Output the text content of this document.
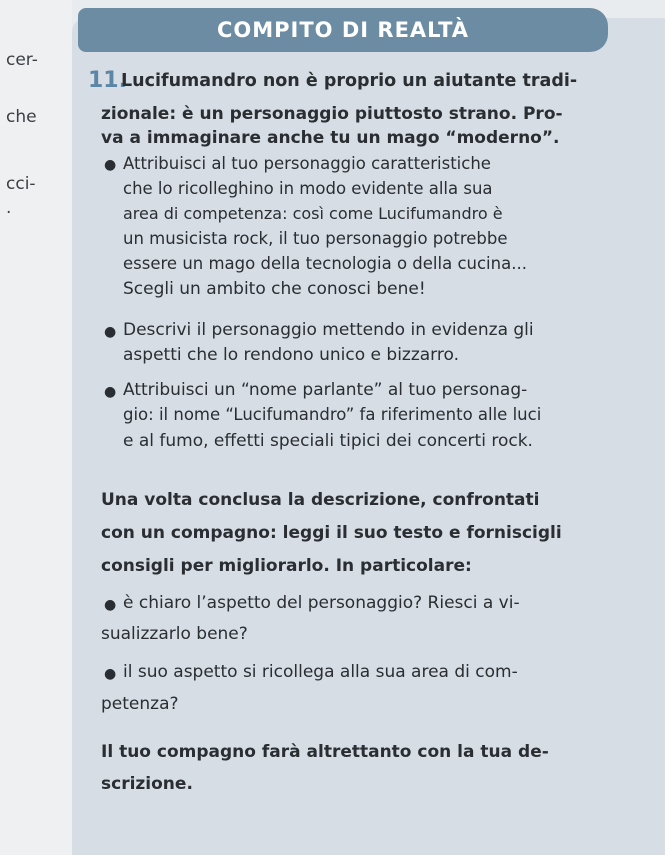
COMPITO DI REALTÀ
cer-
che
cci-
.
11.
Lucifumandro non è proprio un aiutante tradi-
zionale: è un personaggio piuttosto strano. Pro-
va a immaginare anche tu un mago “moderno”.
● Attribuisci al tuo personaggio caratteristiche
che lo ricolleghino in modo evidente alla sua
area di competenza: così come Lucifumandro è
un musicista rock, il tuo personaggio potrebbe
essere un mago della tecnologia o della cucina...
Scegli un ambito che conosci bene!
● Descrivi il personaggio mettendo in evidenza gli
aspetti che lo rendono unico e bizzarro.
● Attribuisci un “nome parlante” al tuo personag-
gio: il nome “Lucifumandro” fa riferimento alle luci
e al fumo, effetti speciali tipici dei concerti rock.
Una volta conclusa la descrizione, confrontati
con un compagno: leggi il suo testo e forniscigli
consigli per migliorarlo. In particolare:
● è chiaro l’aspetto del personaggio? Riesci a vi-
sualizzarlo bene?
● il suo aspetto si ricollega alla sua area di com-
petenza?
Il tuo compagno farà altrettanto con la tua de-
scrizione.
